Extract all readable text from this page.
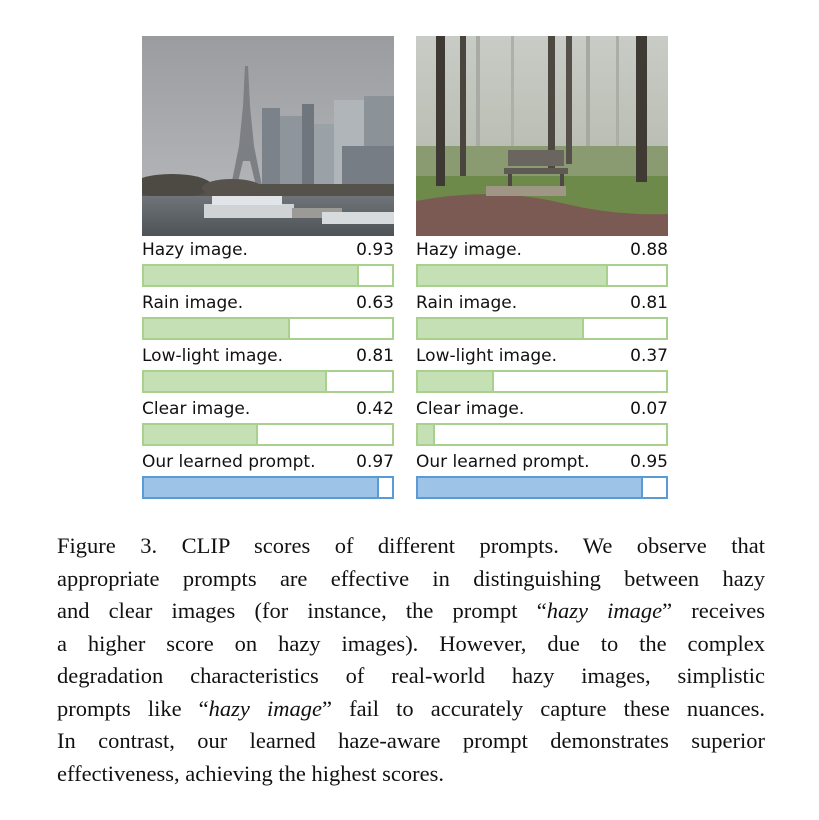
Hazy image.	0.93
Rain image.	0.63
Low-light image.	0.81
Clear image.	0.42
Our learned prompt. 0.97
Hazy image.	0.88
Rain image.	0.81
Low-light image.	0.37
Clear image.	0.07
Our learned prompt. 0.95
Figure 3. CLIP scores of different prompts. We observe that
appropriate prompts are effective in distinguishing between hazy
and clear images (for instance, the prompt “hazy image” receives
a higher score on hazy images). However, due to the complex
degradation characteristics of real-world hazy images, simplistic
prompts like “hazy image” fail to accurately capture these nuances.
In contrast, our learned haze-aware prompt demonstrates superior
effectiveness, achieving the highest scores.
